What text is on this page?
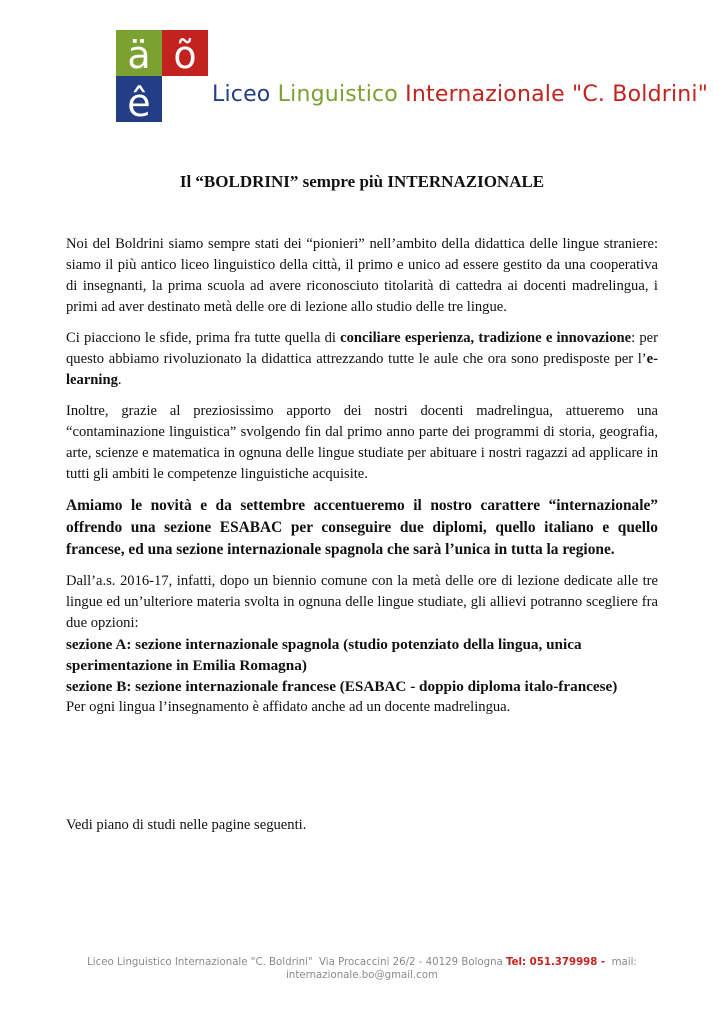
ä õ
ê	Liceo Linguistico Internazionale "C. Boldrini"
Il “BOLDRINI” sempre più INTERNAZIONALE

Noi del Boldrini siamo sempre stati dei “pionieri” nell’ambito della didattica delle lingue straniere: siamo il più antico liceo linguistico della città, il primo e unico ad essere gestito da una cooperativa di insegnanti, la prima scuola ad avere riconosciuto titolarità di cattedra ai docenti madrelingua, i primi ad aver destinato metà delle ore di lezione allo studio delle tre lingue.

Ci piacciono le sfide, prima fra tutte quella di conciliare esperienza, tradizione e innovazione: per questo abbiamo rivoluzionato la didattica attrezzando tutte le aule che ora sono predisposte per l’e-learning.

Inoltre, grazie al preziosissimo apporto dei nostri docenti madrelingua, attueremo una “contaminazione linguistica” svolgendo fin dal primo anno parte dei programmi di storia, geografia, arte, scienze e matematica in ognuna delle lingue studiate per abituare i nostri ragazzi ad applicare in tutti gli ambiti le competenze linguistiche acquisite.

Amiamo le novità e da settembre accentueremo il nostro carattere “internazionale” offrendo una sezione ESABAC per conseguire due diplomi, quello italiano e quello francese, ed una sezione internazionale spagnola che sarà l’unica in tutta la regione.

Dall’a.s. 2016-17, infatti, dopo un biennio comune con la metà delle ore di lezione dedicate alle tre lingue ed un’ulteriore materia svolta in ognuna delle lingue studiate, gli allievi potranno scegliere fra due opzioni:

sezione A: sezione internazionale spagnola (studio potenziato della lingua, unica sperimentazione in Emilia Romagna)
sezione B: sezione internazionale francese (ESABAC - doppio diploma italo-francese)
Per ogni lingua l’insegnamento è affidato anche ad un docente madrelingua.
Vedi piano di studi nelle pagine seguenti.
Liceo Linguistico Internazionale "C. Boldrini" Via Procaccini 26/2 - 40129 Bologna Tel: 051.379998 - mail: internazionale.bo@gmail.com
